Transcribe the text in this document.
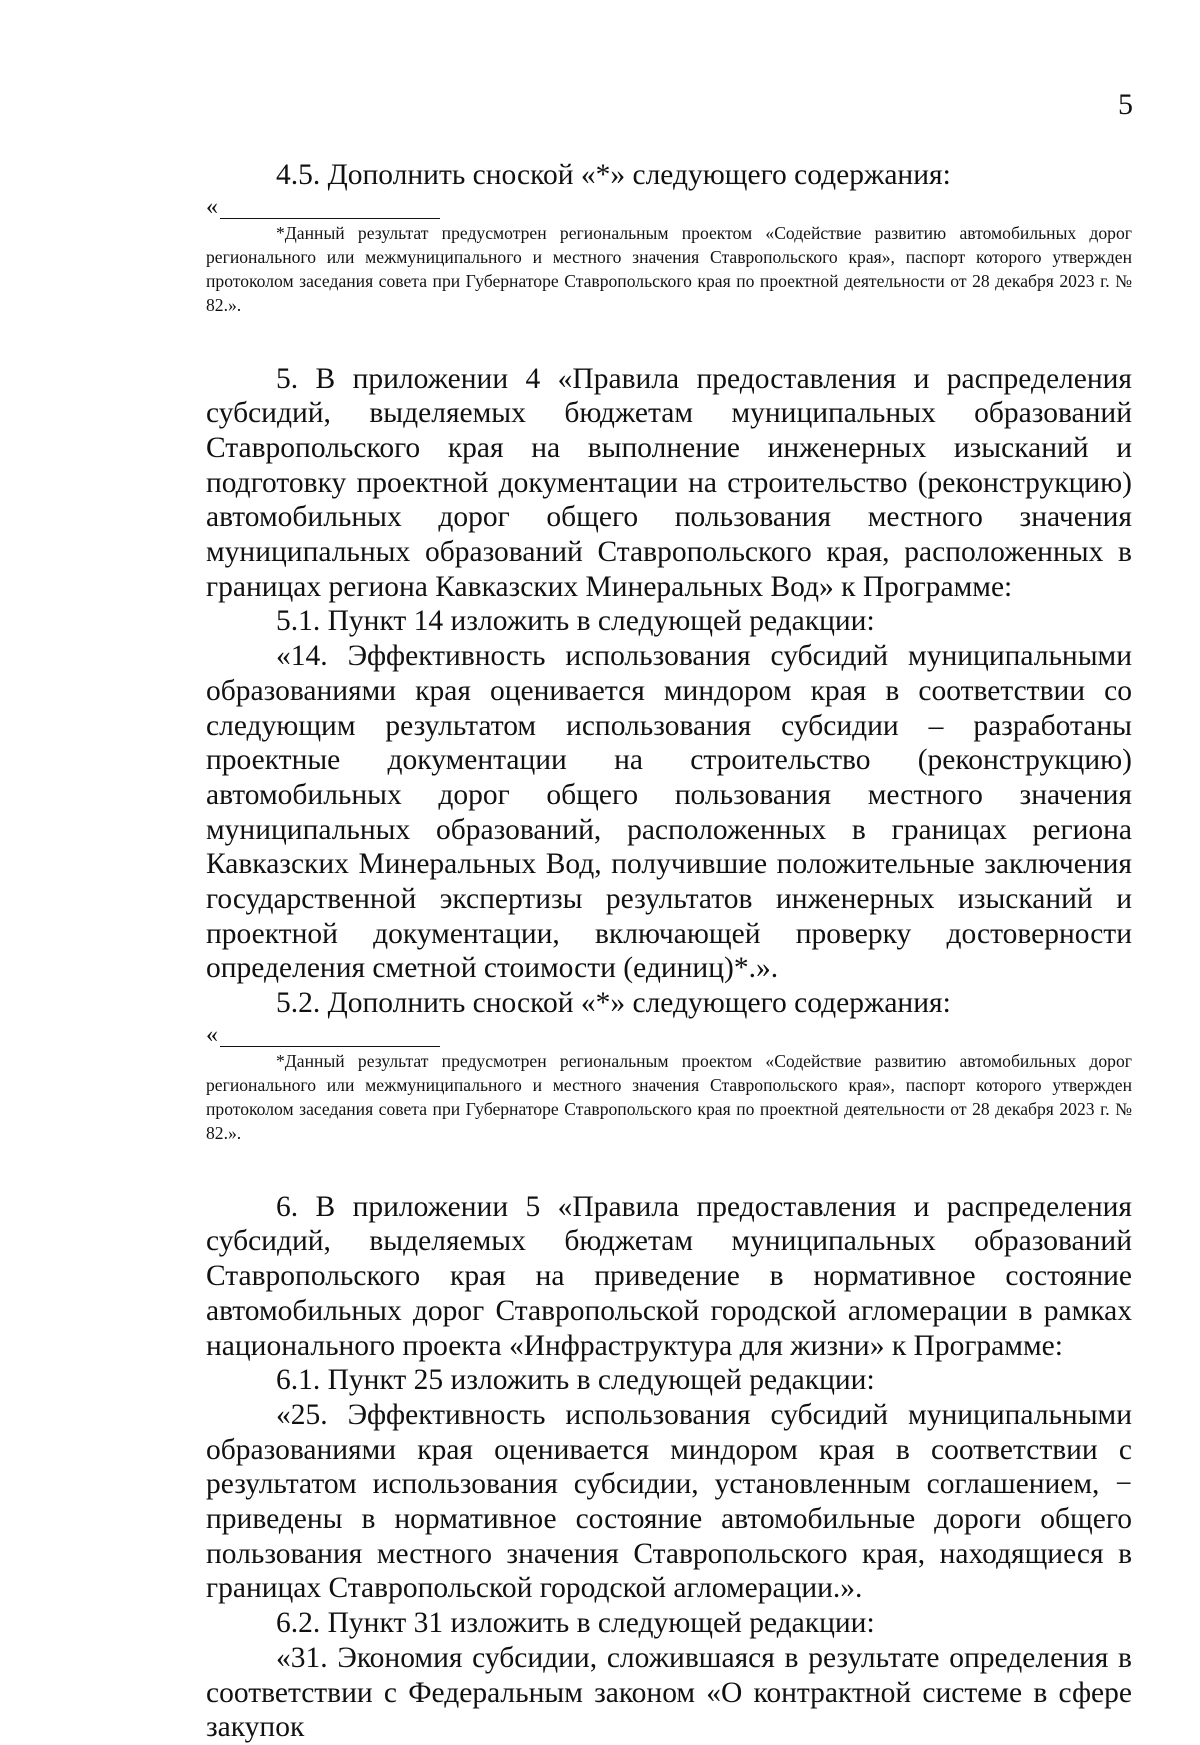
5

4.5. Дополнить сноской «*» следующего содержания:

«

*Данный результат предусмотрен региональным проектом «Содействие развитию автомобильных дорог регионального или межмуниципального и местного значения Ставропольского края», паспорт которого утвержден протоколом заседания совета при Губернаторе Ставропольского края по проектной деятельности от 28 декабря 2023 г. № 82.».

5. В приложении 4 «Правила предоставления и распределения субсидий, выделяемых бюджетам муниципальных образований Ставропольского края на выполнение инженерных изысканий и подготовку проектной документации на строительство (реконструкцию) автомобильных дорог общего пользования местного значения муниципальных образований Ставропольского края, расположенных в границах региона Кавказских Минеральных Вод» к Программе:

5.1. Пункт 14 изложить в следующей редакции:

«14. Эффективность использования субсидий муниципальными образованиями края оценивается миндором края в соответствии со следующим результатом использования субсидии – разработаны проектные документации на строительство (реконструкцию) автомобильных дорог общего пользования местного значения муниципальных образований, расположенных в границах региона Кавказских Минеральных Вод, получившие положительные заключения государственной экспертизы результатов инженерных изысканий и проектной документации, включающей проверку достоверности определения сметной стоимости (единиц)*.».

5.2. Дополнить сноской «*» следующего содержания:

«

*Данный результат предусмотрен региональным проектом «Содействие развитию автомобильных дорог регионального или межмуниципального и местного значения Ставропольского края», паспорт которого утвержден протоколом заседания совета при Губернаторе Ставропольского края по проектной деятельности от 28 декабря 2023 г. № 82.».

6. В приложении 5 «Правила предоставления и распределения субсидий, выделяемых бюджетам муниципальных образований Ставропольского края на приведение в нормативное состояние автомобильных дорог Ставропольской городской агломерации в рамках национального проекта «Инфраструктура для жизни» к Программе:

6.1. Пункт 25 изложить в следующей редакции:

«25. Эффективность использования субсидий муниципальными образованиями края оценивается миндором края в соответствии с результатом использования субсидии, установленным соглашением, − приведены в нормативное состояние автомобильные дороги общего пользования местного значения Ставропольского края, находящиеся в границах Ставропольской городской агломерации.».

6.2. Пункт 31 изложить в следующей редакции:

«31. Экономия субсидии, сложившаяся в результате определения в соответствии с Федеральным законом «О контрактной системе в сфере закупок
